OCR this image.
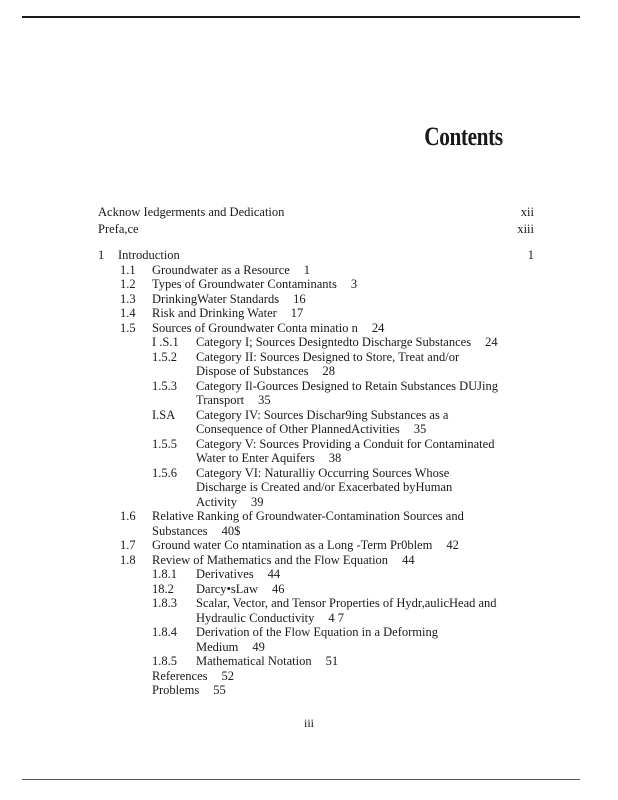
Contents
Acknow Iedgerments and Dedication	xii
Prefa,ce	xiii
1	Introduction	1
1.1	Groundwater as a Resource 1
1.2	Types of Groundwater Contaminants 3
1.3	DrinkingWater Standards 16
1.4	Risk and Drinking Water 17
1.5	Sources of Groundwater Conta minatio n 24
I .S.1	Category I; Sources Designtedto Discharge Substances 24
1.5.2	Category II: Sources Designed to Store, Treat and/or Dispose of Substances 28
1.5.3	Category Il-Gources Designed to Retain Substances DUJing Transport 35
I.SA	Category IV: Sources Dischar9ing Substances as a Consequence of Other PlannedActivities 35
1.5.5	Category V: Sources Providing a Conduit for Contaminated Water to Enter Aquifers 38
1.5.6	Category VI: Naturalliy Occurring Sources Whose Discharge is Created and/or Exacerbated byHuman Activity 39
1.6	Relative Ranking of Groundwater-Contamination Sources and Substances 40$
1.7	Ground water Co ntamination as a Long -Term Pr0blem 42
1.8	Review of Mathematics and the Flow Equation 44
1.8.1	Derivatives 44
18.2	Darcy•sLaw 46
1.8.3	Scalar, Vector, and Tensor Properties of Hydr,aulicHead and Hydraulic Conductivity 4 7
1.8.4	Derivation of the Flow Equation in a Deforming Medium 49
1.8.5	Mathematical Notation 51
References 52
Problems 55
iii
